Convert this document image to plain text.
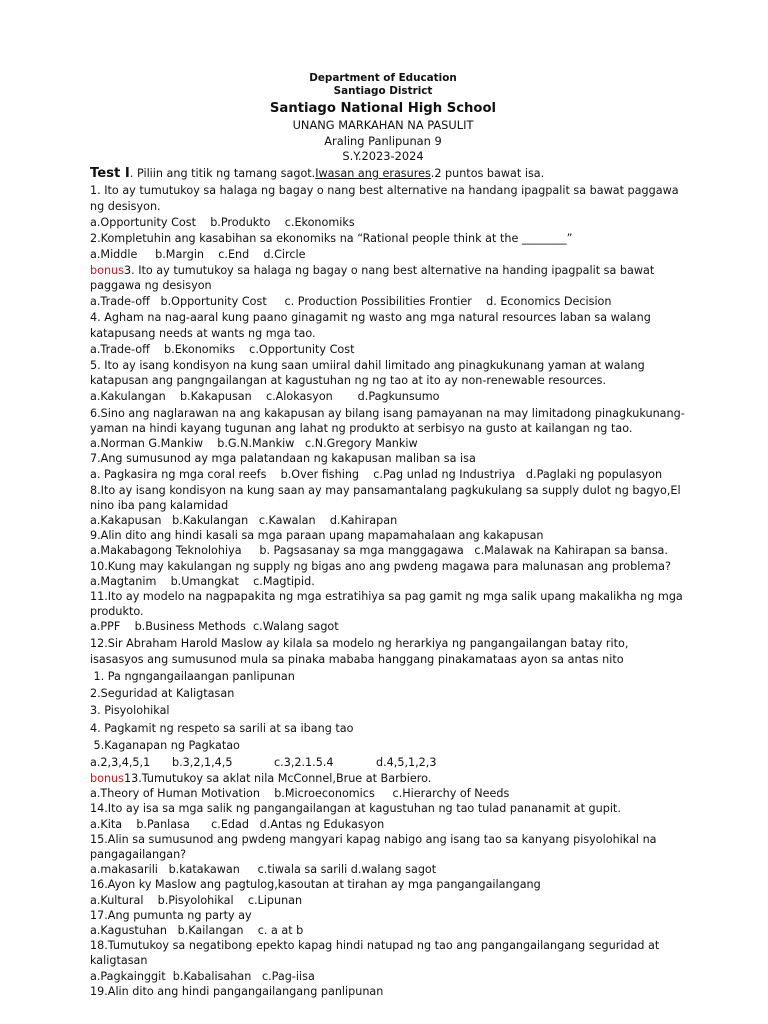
Department of Education
Santiago District
Santiago National High School
UNANG MARKAHAN NA PASULIT
Araling Panlipunan 9
S.Y.2023-2024
Test I. Piliin ang titik ng tamang sagot.Iwasan ang erasures.2 puntos bawat isa.
1. Ito ay tumutukoy sa halaga ng bagay o nang best alternative na handang ipagpalit sa bawat paggawa
ng desisyon.
a.Opportunity Cost    b.Produkto    c.Ekonomiks
2.Kompletuhin ang kasabihan sa ekonomiks na “Rational people think at the ________”
a.Middle     b.Margin    c.End    d.Circle
bonus3. Ito ay tumutukoy sa halaga ng bagay o nang best alternative na handing ipagpalit sa bawat
paggawa ng desisyon
a.Trade-off   b.Opportunity Cost     c. Production Possibilities Frontier    d. Economics Decision
4. Agham na nag-aaral kung paano ginagamit ng wasto ang mga natural resources laban sa walang
katapusang needs at wants ng mga tao.
a.Trade-off    b.Ekonomiks    c.Opportunity Cost
5. Ito ay isang kondisyon na kung saan umiiral dahil limitado ang pinagkukunang yaman at walang
katapusan ang pangngailangan at kagustuhan ng ng tao at ito ay non-renewable resources.
a.Kakulangan    b.Kakapusan    c.Alokasyon       d.Pagkunsumo
6.Sino ang naglarawan na ang kakapusan ay bilang isang pamayanan na may limitadong pinagkukunang-
yaman na hindi kayang tugunan ang lahat ng produkto at serbisyo na gusto at kailangan ng tao.
a.Norman G.Mankiw    b.G.N.Mankiw   c.N.Gregory Mankiw
7.Ang sumusunod ay mga palatandaan ng kakapusan maliban sa isa
a. Pagkasira ng mga coral reefs    b.Over fishing    c.Pag unlad ng Industriya   d.Paglaki ng populasyon
8.Ito ay isang kondisyon na kung saan ay may pansamantalang pagkukulang sa supply dulot ng bagyo,El
nino iba pang kalamidad
a.Kakapusan   b.Kakulangan   c.Kawalan    d.Kahirapan
9.Alin dito ang hindi kasali sa mga paraan upang mapamahalaan ang kakapusan
a.Makabagong Teknolohiya     b. Pagsasanay sa mga manggagawa   c.Malawak na Kahirapan sa bansa.
10.Kung may kakulangan ng supply ng bigas ano ang pwdeng magawa para malunasan ang problema?
a.Magtanim    b.Umangkat    c.Magtipid.
11.Ito ay modelo na nagpapakita ng mga estratihiya sa pag gamit ng mga salik upang makalikha ng mga
produkto.
a.PPF    b.Business Methods  c.Walang sagot
12.Sir Abraham Harold Maslow ay kilala sa modelo ng herarkiya ng pangangailangan batay rito,
isasasyos ang sumusunod mula sa pinaka mababa hanggang pinakamataas ayon sa antas nito
1. Pa ngngangailaangan panlipunan
2.Seguridad at Kaligtasan
3. Pisyolohikal
4. Pagkamit ng respeto sa sarili at sa ibang tao
5.Kaganapan ng Pagkatao
a.2,3,4,5,1 b.3,2,1,4,5	c.3,2.1.5.4	d.4,5,1,2,3
bonus13.Tumutukoy sa aklat nila McConnel,Brue at Barbiero.
a.Theory of Human Motivation    b.Microeconomics     c.Hierarchy of Needs
14.Ito ay isa sa mga salik ng pangangailangan at kagustuhan ng tao tulad pananamit at gupit.
a.Kita    b.Panlasa      c.Edad   d.Antas ng Edukasyon
15.Alin sa sumusunod ang pwdeng mangyari kapag nabigo ang isang tao sa kanyang pisyolohikal na
pangagailangan?
a.makasarili   b.katakawan     c.tiwala sa sarili d.walang sagot
16.Ayon ky Maslow ang pagtulog,kasoutan at tirahan ay mga pangangailangang
a.Kultural    b.Pisyolohikal    c.Lipunan
17.Ang pumunta ng party ay
a.Kagustuhan   b.Kailangan    c. a at b
18.Tumutukoy sa negatibong epekto kapag hindi natupad ng tao ang pangangailangang seguridad at
kaligtasan
a.Pagkainggit  b.Kabalisahan   c.Pag-iisa
19.Alin dito ang hindi pangangailangang panlipunan
